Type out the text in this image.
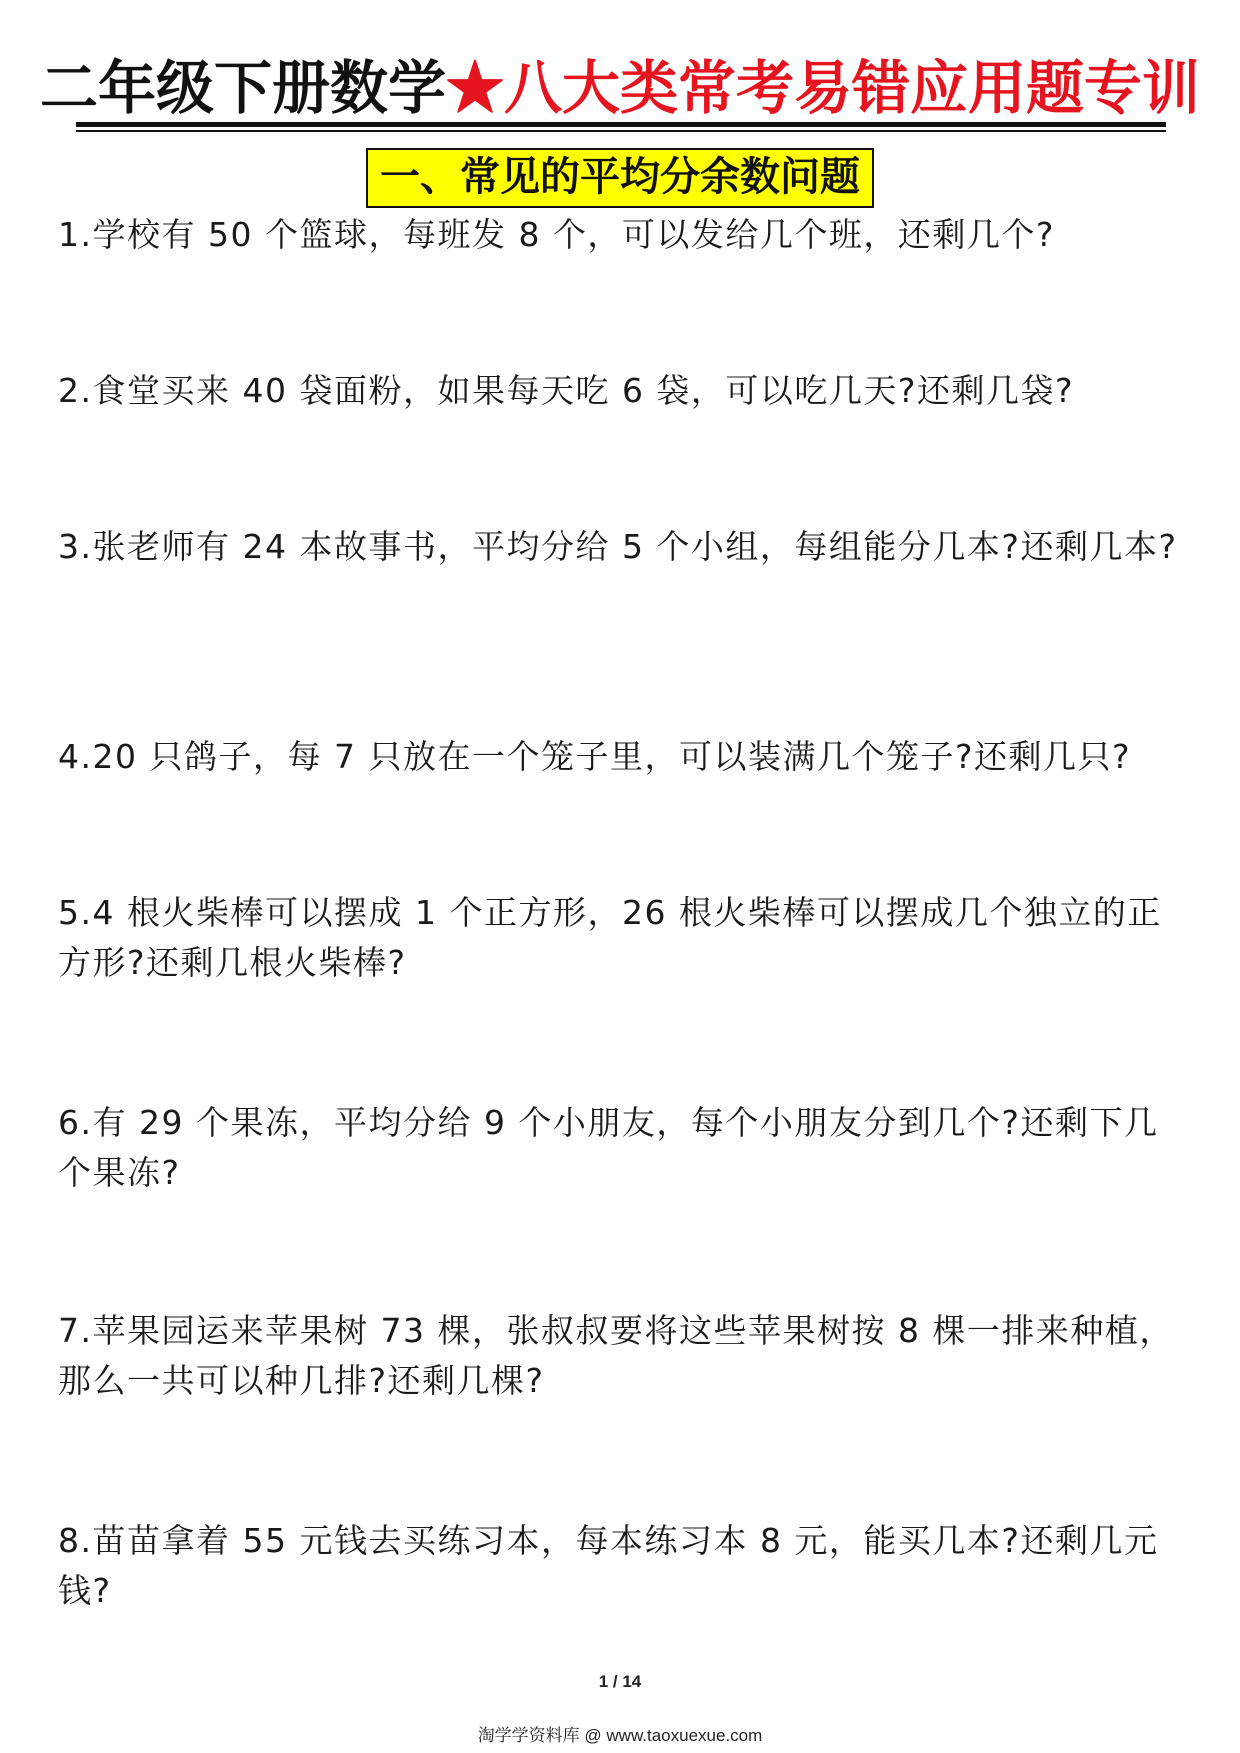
二年级下册数学★八大类常考易错应用题专训
一、常见的平均分余数问题

1.学校有 50 个篮球，每班发 8 个，可以发给几个班，还剩几个?

2.食堂买来 40 袋面粉，如果每天吃 6 袋，可以吃几天?还剩几袋?

3.张老师有 24 本故事书，平均分给 5 个小组，每组能分几本?还剩几本?

4.20 只鸽子，每 7 只放在一个笼子里，可以装满几个笼子?还剩几只?

5.4 根火柴棒可以摆成 1 个正方形，26 根火柴棒可以摆成几个独立的正方形?还剩几根火柴棒?

6.有 29 个果冻，平均分给 9 个小朋友，每个小朋友分到几个?还剩下几个果冻?

7.苹果园运来苹果树 73 棵，张叔叔要将这些苹果树按 8 棵一排来种植，那么一共可以种几排?还剩几棵?

8.苗苗拿着 55 元钱去买练习本，每本练习本 8 元，能买几本?还剩几元钱?

1 / 14
淘学学资料库 @ www.taoxuexue.com
